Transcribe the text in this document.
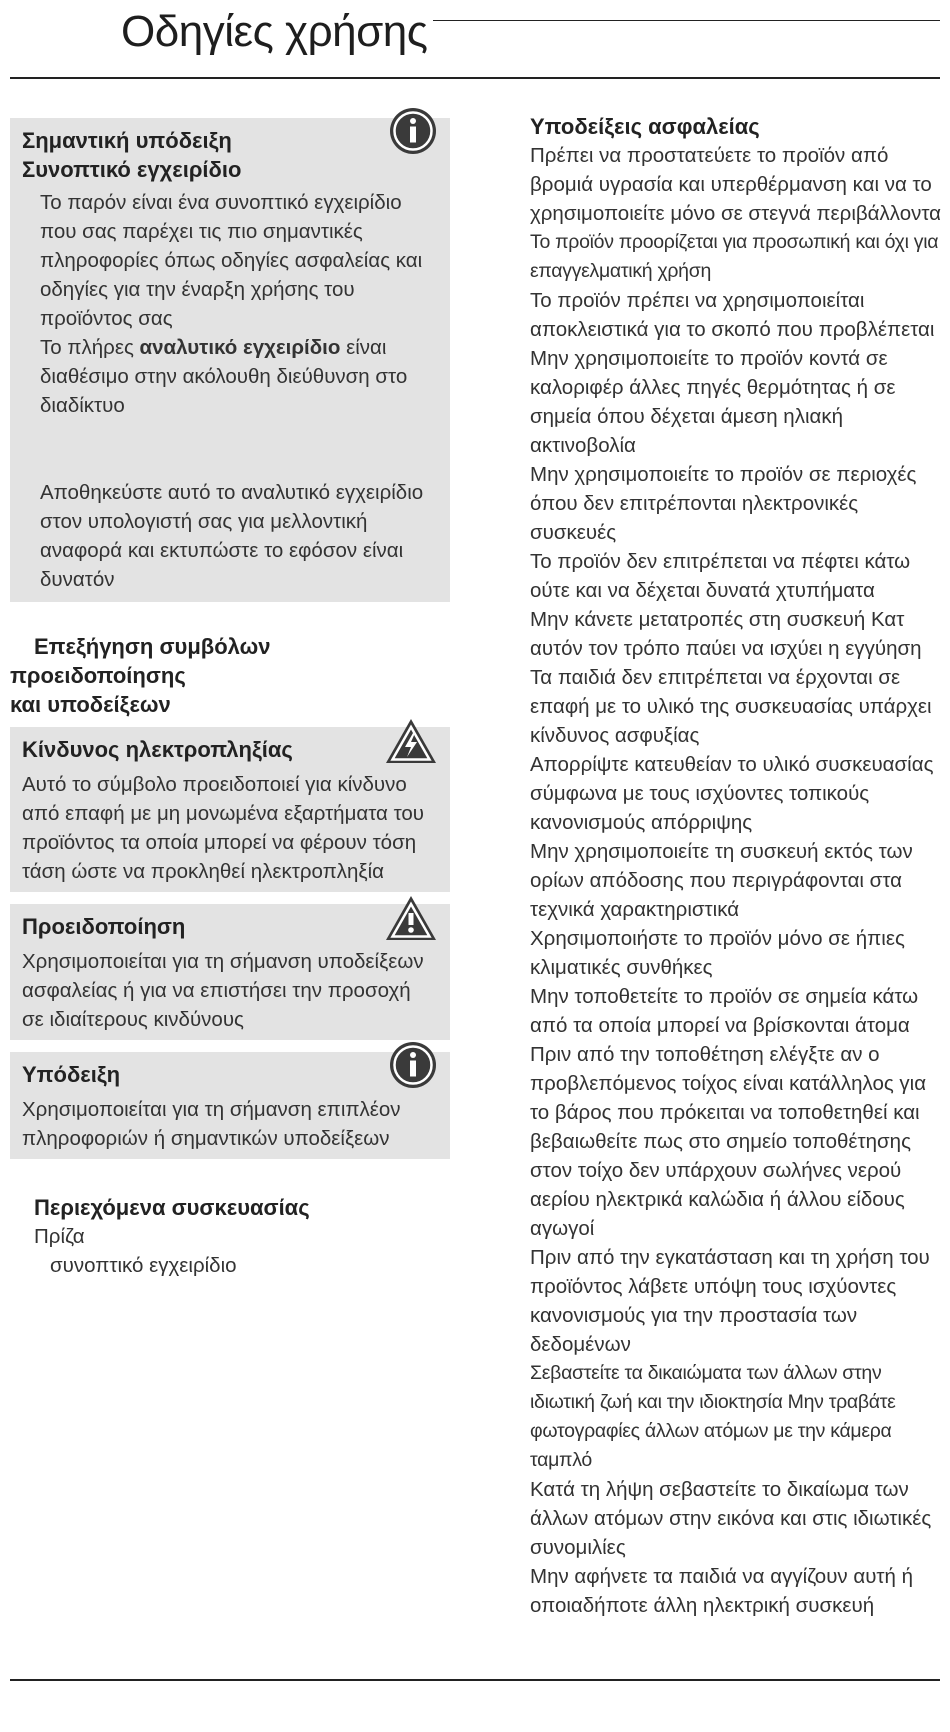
Οδηγίες χρήσης

Σημαντική υπόδειξη

Συνοπτικό εγχειρίδιο

Το παρόν είναι ένα συνοπτικό εγχειρίδιο που σας παρέχει τις πιο σημαντικές πληροφορίες όπως οδηγίες ασφαλείας και οδηγίες για την έναρξη χρήσης του προϊόντος σας

Το πλήρες αναλυτικό εγχειρίδιο είναι διαθέσιμο στην ακόλουθη διεύθυνση στο διαδίκτυο

Αποθηκεύστε αυτό το αναλυτικό εγχειρίδιο στον υπολογιστή σας για μελλοντική αναφορά και εκτυπώστε το εφόσον είναι δυνατόν

Επεξήγηση συμβόλων προειδοποίησης
και υποδείξεων

Κίνδυνος ηλεκτροπληξίας

Αυτό το σύμβολο προειδοποιεί για κίνδυνο από επαφή με μη μονωμένα εξαρτήματα του προϊόντος τα οποία μπορεί να φέρουν τόση τάση ώστε να προκληθεί ηλεκτροπληξία

Προειδοποίηση

Χρησιμοποιείται για τη σήμανση υποδείξεων ασφαλείας ή για να επιστήσει την προσοχή σε ιδιαίτερους κινδύνους

Υπόδειξη

Χρησιμοποιείται για τη σήμανση επιπλέον πληροφοριών ή σημαντικών υποδείξεων

Περιεχόμενα συσκευασίας

Πρίζα

συνοπτικό εγχειρίδιο

Υποδείξεις ασφαλείας

Πρέπει να προστατεύετε το προϊόν από βρομιά υγρασία και υπερθέρμανση και να το χρησιμοποιείτε μόνο σε στεγνά περιβάλλοντα

Το προϊόν προορίζεται για προσωπική και όχι για επαγγελματική χρήση

Το προϊόν πρέπει να χρησιμοποιείται αποκλειστικά για το σκοπό που προβλέπεται

Μην χρησιμοποιείτε το προϊόν κοντά σε καλοριφέρ άλλες πηγές θερμότητας ή σε σημεία όπου δέχεται άμεση ηλιακή ακτινοβολία

Μην χρησιμοποιείτε το προϊόν σε περιοχές όπου δεν επιτρέπονται ηλεκτρονικές συσκευές

Το προϊόν δεν επιτρέπεται να πέφτει κάτω ούτε και να δέχεται δυνατά χτυπήματα

Μην κάνετε μετατροπές στη συσκευή Κατ αυτόν τον τρόπο παύει να ισχύει η εγγύηση

Τα παιδιά δεν επιτρέπεται να έρχονται σε επαφή με το υλικό της συσκευασίας υπάρχει κίνδυνος ασφυξίας

Απορρίψτε κατευθείαν το υλικό συσκευασίας σύμφωνα με τους ισχύοντες τοπικούς κανονισμούς απόρριψης

Μην χρησιμοποιείτε τη συσκευή εκτός των ορίων απόδοσης που περιγράφονται στα τεχνικά χαρακτηριστικά

Χρησιμοποιήστε το προϊόν μόνο σε ήπιες κλιματικές συνθήκες

Μην τοποθετείτε το προϊόν σε σημεία κάτω από τα οποία μπορεί να βρίσκονται άτομα

Πριν από την τοποθέτηση ελέγξτε αν ο προβλεπόμενος τοίχος είναι κατάλληλος για το βάρος που πρόκειται να τοποθετηθεί και βεβαιωθείτε πως στο σημείο τοποθέτησης στον τοίχο δεν υπάρχουν σωλήνες νερού αερίου ηλεκτρικά καλώδια ή άλλου είδους αγωγοί

Πριν από την εγκατάσταση και τη χρήση του προϊόντος λάβετε υπόψη τους ισχύοντες κανονισμούς για την προστασία των δεδομένων

Σεβαστείτε τα δικαιώματα των άλλων στην ιδιωτική ζωή και την ιδιοκτησία Μην τραβάτε φωτογραφίες άλλων ατόμων με την κάμερα ταμπλό

Κατά τη λήψη σεβαστείτε το δικαίωμα των άλλων ατόμων στην εικόνα και στις ιδιωτικές συνομιλίες

Μην αφήνετε τα παιδιά να αγγίζουν αυτή ή οποιαδήποτε άλλη ηλεκτρική συσκευή
